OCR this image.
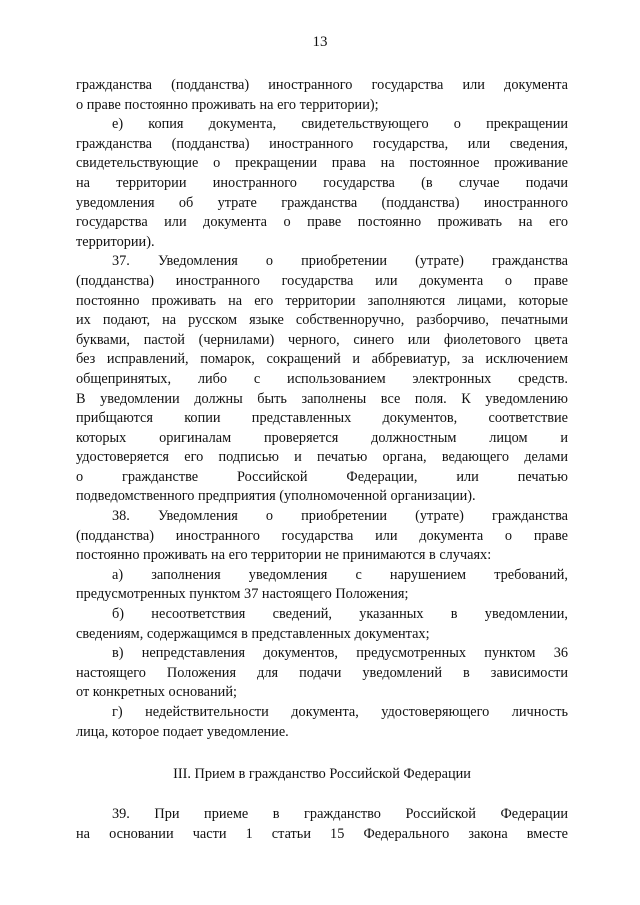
13
гражданства (подданства) иностранного государства или документа
о праве постоянно проживать на его территории);
е) копия документа, свидетельствующего о прекращении
гражданства (подданства) иностранного государства, или сведения,
свидетельствующие о прекращении права на постоянное проживание
на территории иностранного государства (в случае подачи
уведомления об утрате гражданства (подданства) иностранного
государства или документа о праве постоянно проживать на его
территории).
37. Уведомления о приобретении (утрате) гражданства
(подданства) иностранного государства или документа о праве
постоянно проживать на его территории заполняются лицами, которые
их подают, на русском языке собственноручно, разборчиво, печатными
буквами, пастой (чернилами) черного, синего или фиолетового цвета
без исправлений, помарок, сокращений и аббревиатур, за исключением
общепринятых, либо с использованием электронных средств.
В уведомлении должны быть заполнены все поля. К уведомлению
прибщаются копии представленных документов, соответствие
которых оригиналам проверяется должностным лицом и
удостоверяется его подписью и печатью органа, ведающего делами
о гражданстве Российской Федерации, или печатью
подведомственного предприятия (уполномоченной организации).
38. Уведомления о приобретении (утрате) гражданства
(подданства) иностранного государства или документа о праве
постоянно проживать на его территории не принимаются в случаях:
а) заполнения уведомления с нарушением требований,
предусмотренных пунктом 37 настоящего Положения;
б) несоответствия сведений, указанных в уведомлении,
сведениям, содержащимся в представленных документах;
в) непредставления документов, предусмотренных пунктом 36
настоящего Положения для подачи уведомлений в зависимости
от конкретных оснований;
г) недействительности документа, удостоверяющего личность
лица, которое подает уведомление.
III. Прием в гражданство Российской Федерации
39. При приеме в гражданство Российской Федерации
на основании части 1 статьи 15 Федерального закона вместе
